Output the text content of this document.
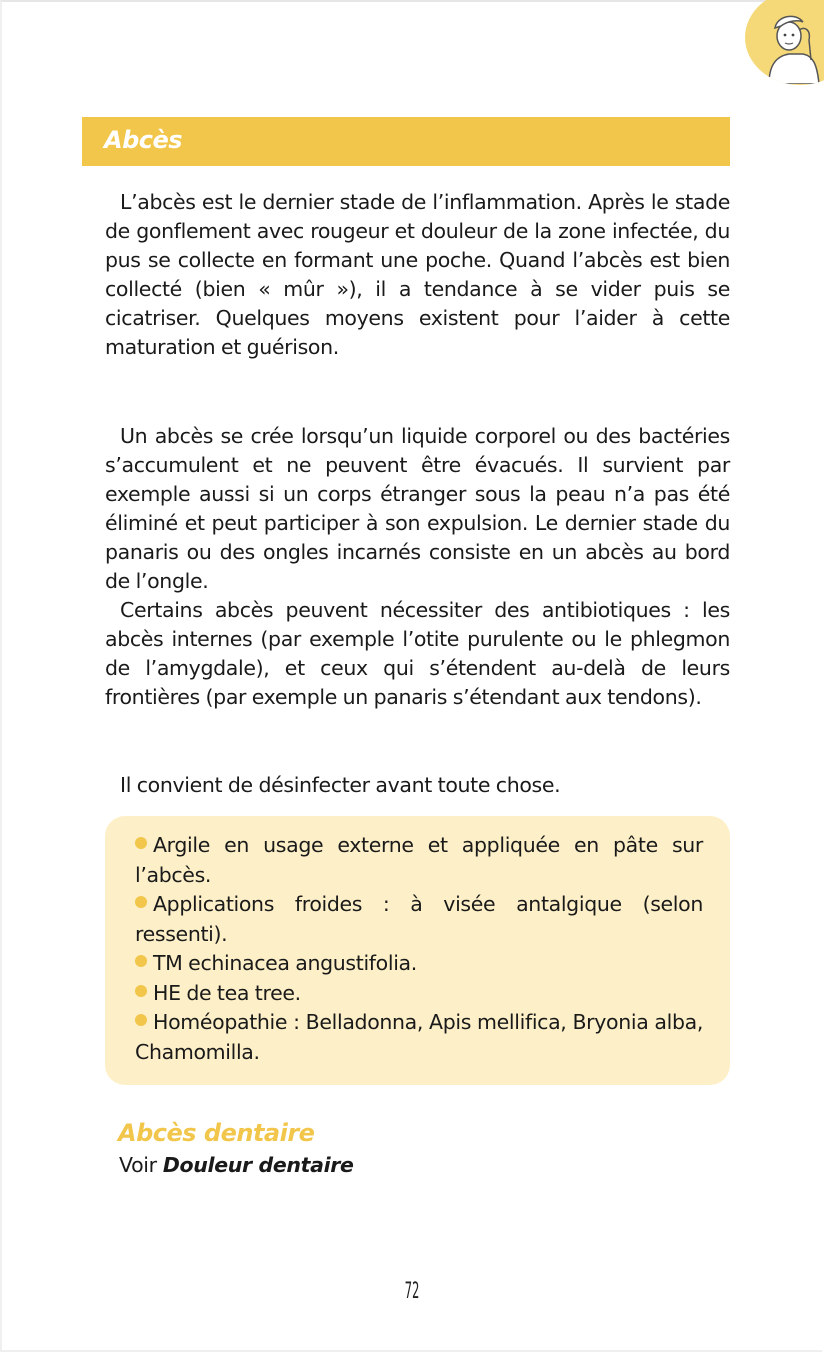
Abcès

L’abcès est le dernier stade de l’inflammation. Après le stade de gonflement avec rougeur et douleur de la zone infectée, du pus se collecte en formant une poche. Quand l’abcès est bien collecté (bien « mûr »), il a tendance à se vider puis se cicatriser. Quelques moyens existent pour l’aider à cette maturation et guérison.

Un abcès se crée lorsqu’un liquide corporel ou des bactéries s’accumulent et ne peuvent être évacués. Il survient par exemple aussi si un corps étranger sous la peau n’a pas été éliminé et peut participer à son expulsion. Le dernier stade du panaris ou des ongles incarnés consiste en un abcès au bord de l’ongle.

Certains abcès peuvent nécessiter des antibiotiques : les abcès internes (par exemple l’otite purulente ou le phlegmon de l’amygdale), et ceux qui s’étendent au-delà de leurs frontières (par exemple un panaris s’étendant aux tendons).

Il convient de désinfecter avant toute chose.

Argile en usage externe et appliquée en pâte sur l’abcès.
Applications froides : à visée antalgique (selon ressenti).
TM echinacea angustifolia.
HE de tea tree.
Homéopathie : Belladonna, Apis mellifica, Bryonia alba, Chamomilla.
Abcès dentaire
Voir Douleur dentaire
72
